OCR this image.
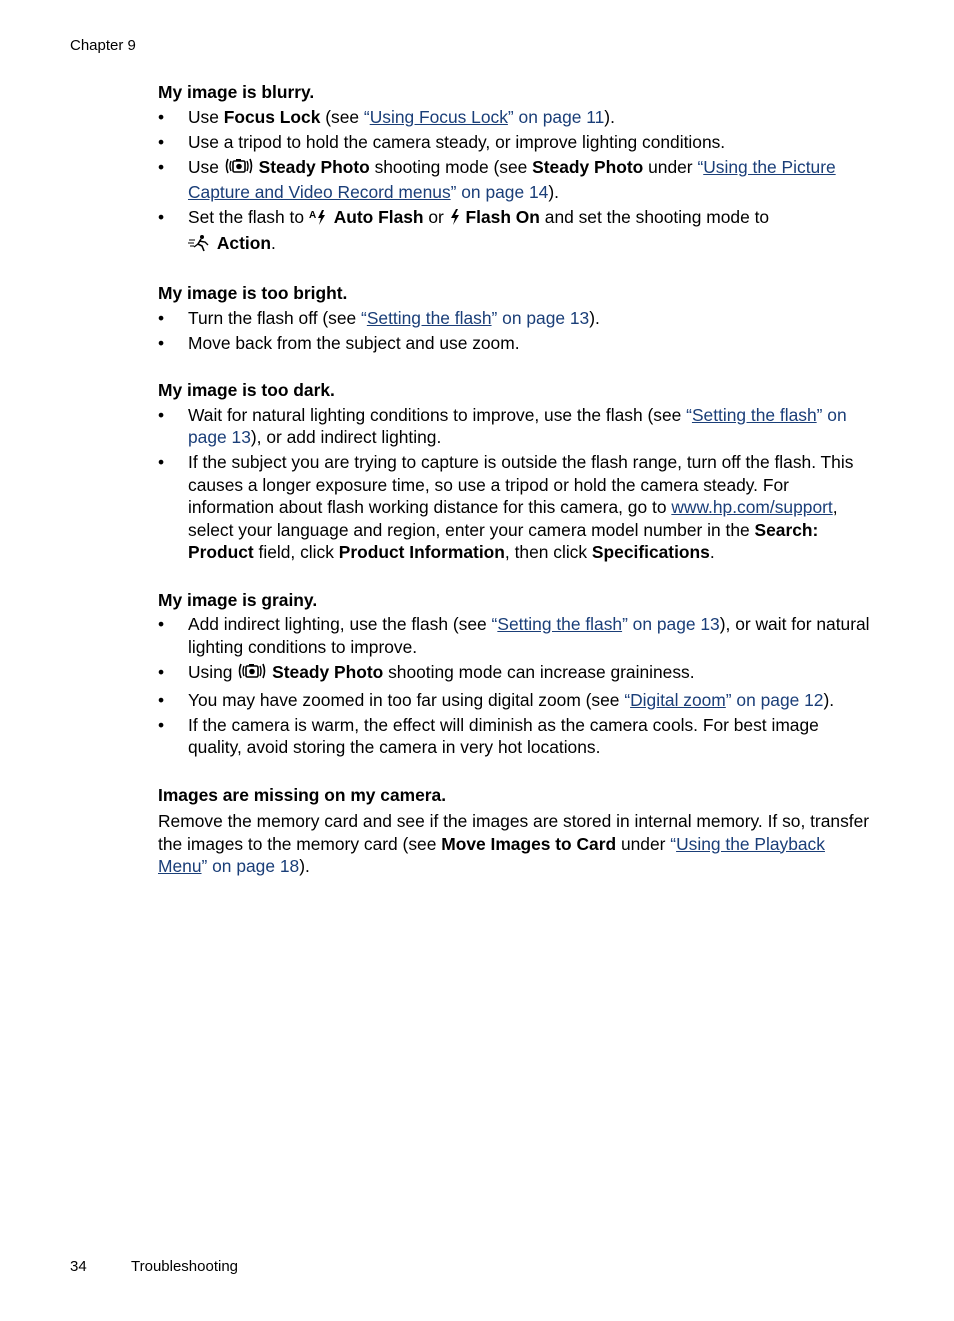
Chapter 9
My image is blurry.
• Use Focus Lock (see “Using Focus Lock” on page 11).
• Use a tripod to hold the camera steady, or improve lighting conditions.
• Use  Steady Photo shooting mode (see Steady Photo under “Using the Picture Capture and Video Record menus” on page 14).
• Set the flash to A Auto Flash or  Flash On and set the shooting mode to
Action.
My image is too bright.
• Turn the flash off (see “Setting the flash” on page 13).
• Move back from the subject and use zoom.
My image is too dark.
• Wait for natural lighting conditions to improve, use the flash (see “Setting the flash” on page 13), or add indirect lighting.
• If the subject you are trying to capture is outside the flash range, turn off the flash. This causes a longer exposure time, so use a tripod or hold the camera steady. For information about flash working distance for this camera, go to www.hp.com/support, select your language and region, enter your camera model number in the Search: Product field, click Product Information, then click Specifications.
My image is grainy.
• Add indirect lighting, use the flash (see “Setting the flash” on page 13), or wait for natural lighting conditions to improve.
• Using  Steady Photo shooting mode can increase graininess.
• You may have zoomed in too far using digital zoom (see “Digital zoom” on page 12).
• If the camera is warm, the effect will diminish as the camera cools. For best image quality, avoid storing the camera in very hot locations.
Images are missing on my camera.

Remove the memory card and see if the images are stored in internal memory. If so, transfer the images to the memory card (see Move Images to Card under “Using the Playback Menu” on page 18).

34	Troubleshooting
